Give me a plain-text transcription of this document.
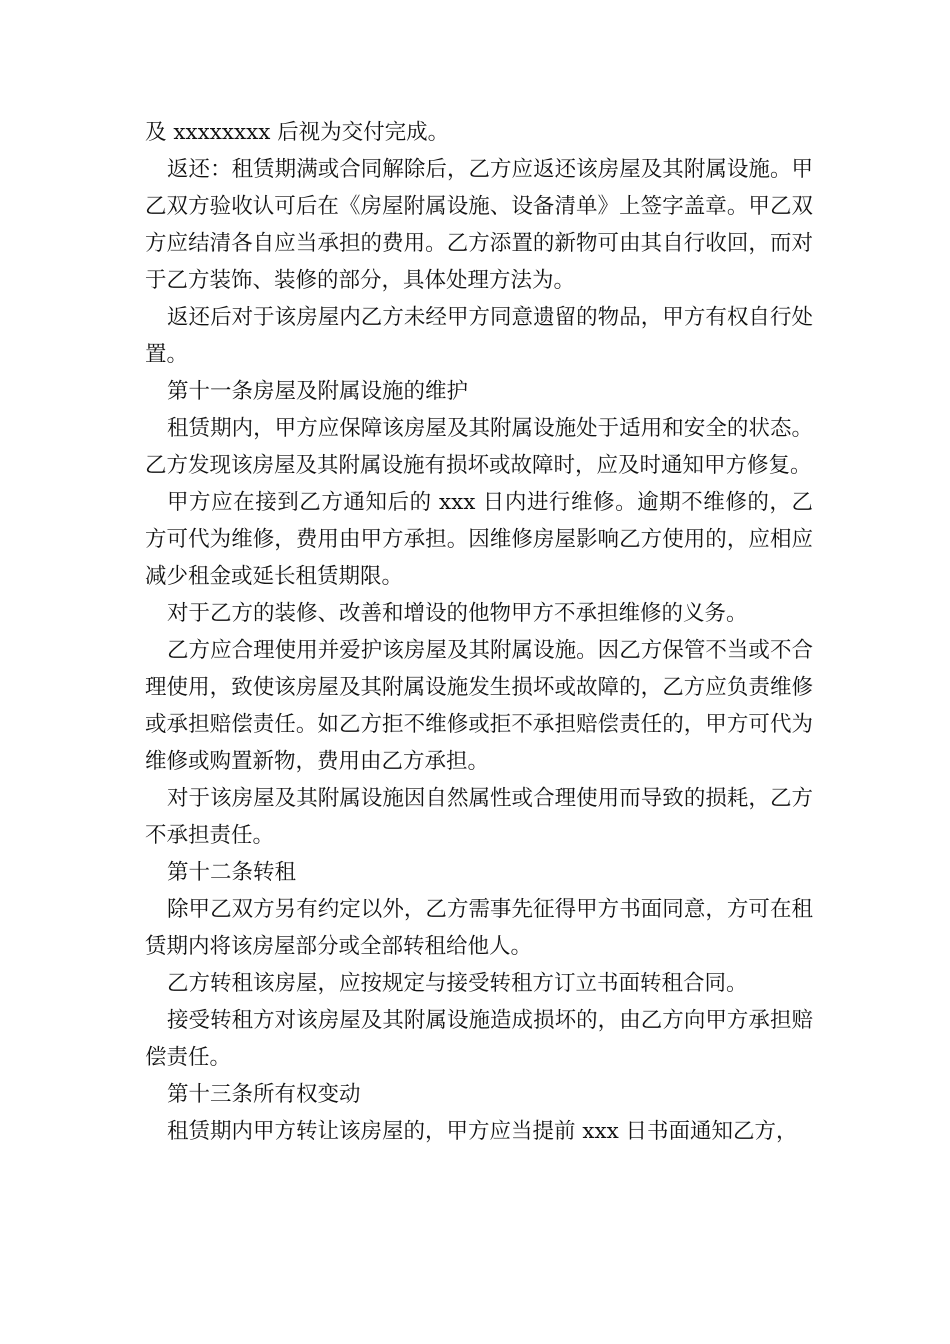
及 xxxxxxxx 后视为交付完成。

返还：租赁期满或合同解除后，乙方应返还该房屋及其附属设施。甲乙双方验收认可后在《房屋附属设施、设备清单》上签字盖章。甲乙双方应结清各自应当承担的费用。乙方添置的新物可由其自行收回，而对于乙方装饰、装修的部分，具体处理方法为。

返还后对于该房屋内乙方未经甲方同意遗留的物品，甲方有权自行处置。

第十一条房屋及附属设施的维护

租赁期内，甲方应保障该房屋及其附属设施处于适用和安全的状态。乙方发现该房屋及其附属设施有损坏或故障时，应及时通知甲方修复。

甲方应在接到乙方通知后的 xxx 日内进行维修。逾期不维修的，乙方可代为维修，费用由甲方承担。因维修房屋影响乙方使用的，应相应减少租金或延长租赁期限。

对于乙方的装修、改善和增设的他物甲方不承担维修的义务。

乙方应合理使用并爱护该房屋及其附属设施。因乙方保管不当或不合理使用，致使该房屋及其附属设施发生损坏或故障的，乙方应负责维修或承担赔偿责任。如乙方拒不维修或拒不承担赔偿责任的，甲方可代为维修或购置新物，费用由乙方承担。

对于该房屋及其附属设施因自然属性或合理使用而导致的损耗，乙方不承担责任。

第十二条转租

除甲乙双方另有约定以外，乙方需事先征得甲方书面同意，方可在租赁期内将该房屋部分或全部转租给他人。

乙方转租该房屋，应按规定与接受转租方订立书面转租合同。

接受转租方对该房屋及其附属设施造成损坏的，由乙方向甲方承担赔偿责任。

第十三条所有权变动

租赁期内甲方转让该房屋的，甲方应当提前 xxx 日书面通知乙方，
